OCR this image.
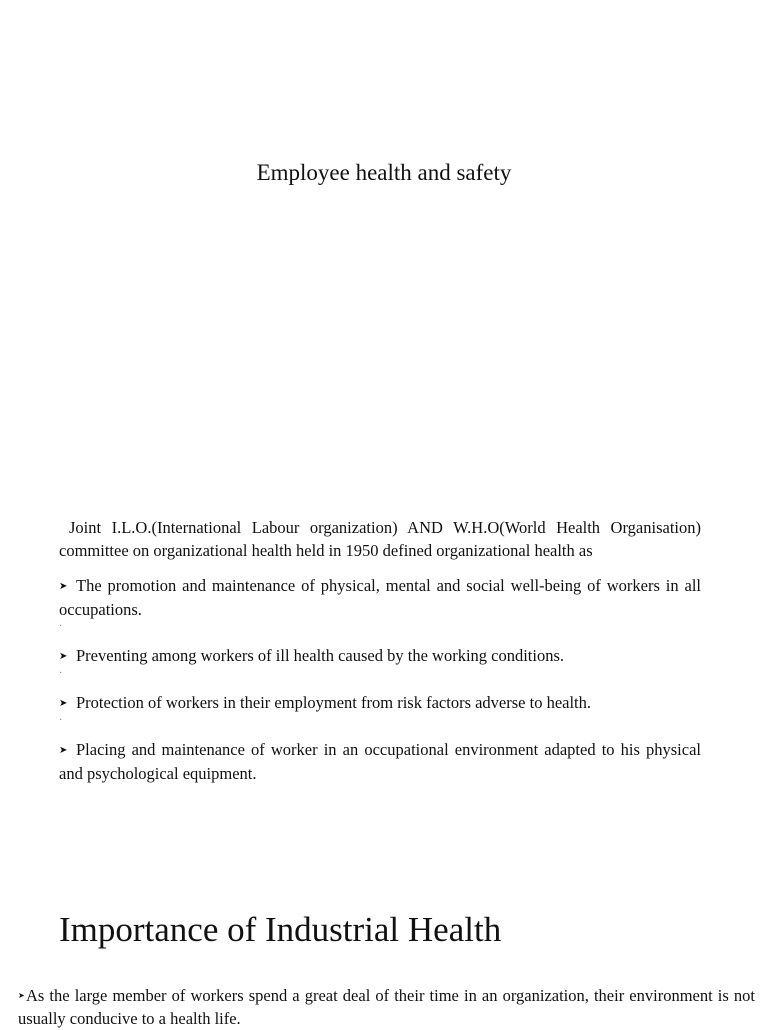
Employee health and safety

Joint I.L.O.(International Labour organization) AND W.H.O(World Health Organisation) committee on organizational health held in 1950 defined organizational health as

➤ The promotion and maintenance of physical, mental and social well-being of workers in all occupations.

·

➤ Preventing among workers of ill health caused by the working conditions.

·

➤ Protection of workers in their employment from risk factors adverse to health.

·

➤ Placing and maintenance of worker in an occupational environment adapted to his physical and psychological equipment.

Importance of Industrial Health

➤As the large member of workers spend a great deal of their time in an organization, their environment is not usually conducive to a health life.
